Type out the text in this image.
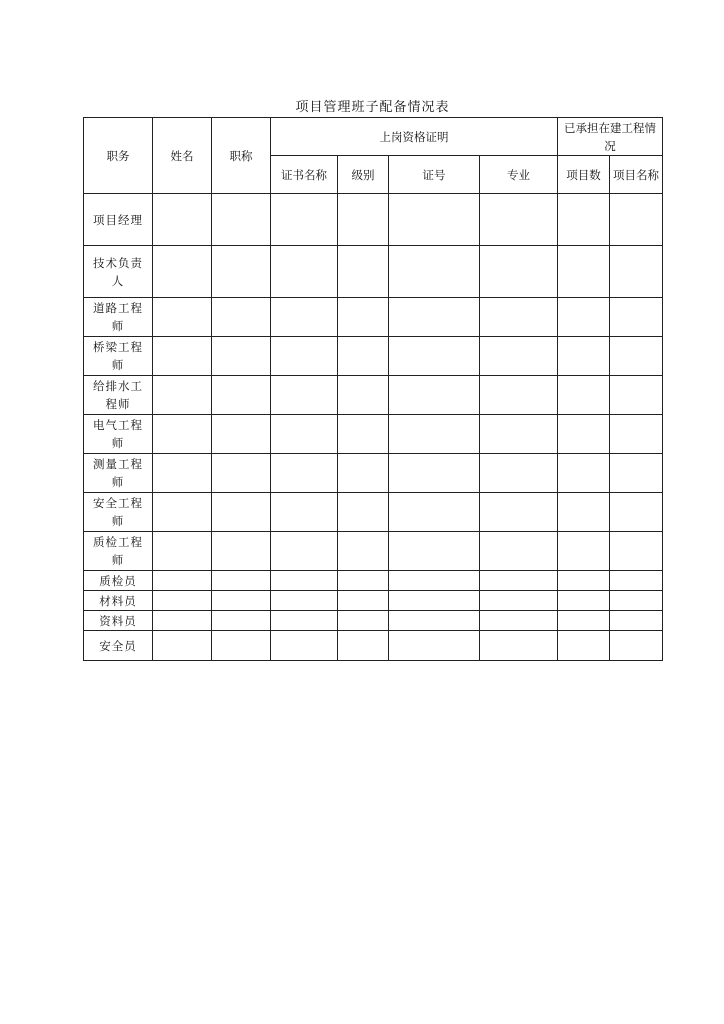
项目管理班子配备情况表
职务	姓名	职称	上岗资格证明				已承担在建工程情况	
			证书名称	级别	证号	专业	项目数	项目名称
项目经理								
技术负责人								
道路工程师								
桥梁工程师								
给排水工程师								
电气工程师								
测量工程师								
安全工程师								
质检工程师								
质检员								
材料员								
资料员								
安全员								
